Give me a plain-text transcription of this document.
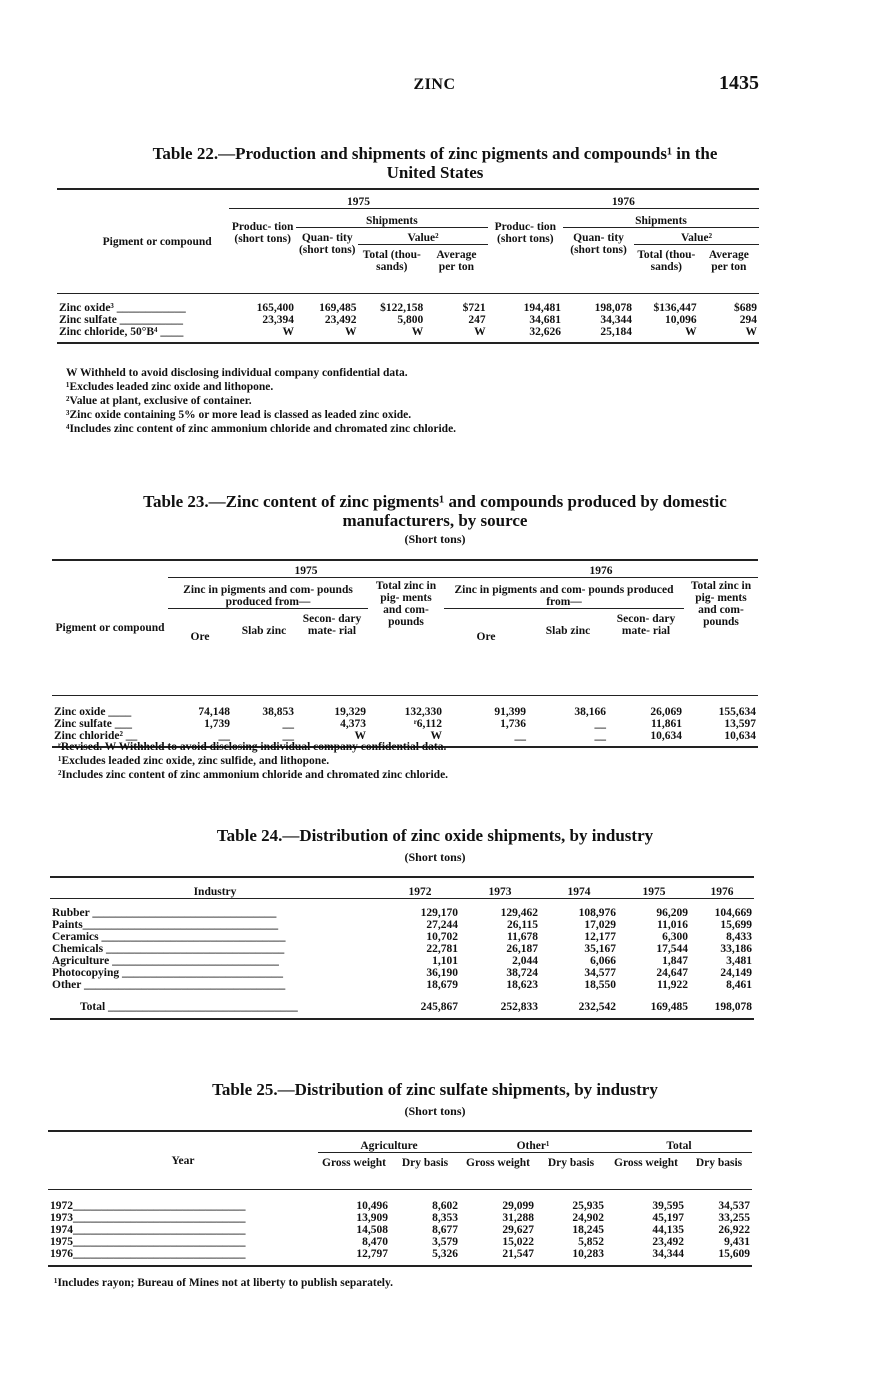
ZINC	1435
Table 22.—Production and shipments of zinc pigments and compounds¹ in the
United States
Pigment or compound	1975				1976			
	Produc- tion (short tons)	Shipments			Produc- tion (short tons)	Shipments		
		Quan- tity (short tons)	Value²			Quan- tity (short tons)	Value²	
			Total (thou- sands)	Average per ton			Total (thou- sands)	Average per ton

Zinc oxide³ ____________	165,400	169,485	$122,158	$721	194,481	198,078	$136,447	$689
Zinc sulfate ___________	23,394	23,492	5,800	247	34,681	34,344	10,096	294
Zinc chloride, 50°B⁴ ____	W	W	W	W	32,626	25,184	W	W
W Withheld to avoid disclosing individual company confidential data.
¹Excludes leaded zinc oxide and lithopone.
²Value at plant, exclusive of container.
³Zinc oxide containing 5% or more lead is classed as leaded zinc oxide.
⁴Includes zinc content of zinc ammonium chloride and chromated zinc chloride.
Table 23.—Zinc content of zinc pigments¹ and compounds produced by domestic
manufacturers, by source
(Short tons)
Pigment or compound	1975				1976			
	Zinc in pigments and com- pounds produced from—			Total zinc in pig- ments and com- pounds	Zinc in pigments and com- pounds produced from—			Total zinc in pig- ments and com- pounds
	Ore	Slab zinc	Secon- dary mate- rial		Ore	Slab zinc	Secon- dary mate- rial	

Zinc oxide ____	74,148	38,853	19,329	132,330	91,399	38,166	26,069	155,634
Zinc sulfate ___	1,739	__	4,373	ʳ6,112	1,736	__	11,861	13,597
Zinc chloride² __	__	__	W	W	__	__	10,634	10,634
ʳRevised. W Withheld to avoid disclosing individual company confidential data.
¹Excludes leaded zinc oxide, zinc sulfide, and lithopone.
²Includes zinc content of zinc ammonium chloride and chromated zinc chloride.
Table 24.—Distribution of zinc oxide shipments, by industry
(Short tons)
Industry	1972	1973	1974	1975	1976

Rubber ________________________________	129,170	129,462	108,976	96,209	104,669
Paints__________________________________	27,244	26,115	17,029	11,016	15,699
Ceramics ________________________________	10,702	11,678	12,177	6,300	8,433
Chemicals _______________________________	22,781	26,187	35,167	17,544	33,186
Agriculture _____________________________	1,101	2,044	6,066	1,847	3,481
Photocopying ____________________________	36,190	38,724	34,577	24,647	24,149
Other ___________________________________	18,679	18,623	18,550	11,922	8,461

Total _________________________________	245,867	252,833	232,542	169,485	198,078
Table 25.—Distribution of zinc sulfate shipments, by industry
(Short tons)
Year	Agriculture		Other¹		Total	
	Gross weight	Dry basis	Gross weight	Dry basis	Gross weight	Dry basis

1972______________________________	10,496	8,602	29,099	25,935	39,595	34,537
1973______________________________	13,909	8,353	31,288	24,902	45,197	33,255
1974______________________________	14,508	8,677	29,627	18,245	44,135	26,922
1975______________________________	8,470	3,579	15,022	5,852	23,492	9,431
1976______________________________	12,797	5,326	21,547	10,283	34,344	15,609
¹Includes rayon; Bureau of Mines not at liberty to publish separately.
